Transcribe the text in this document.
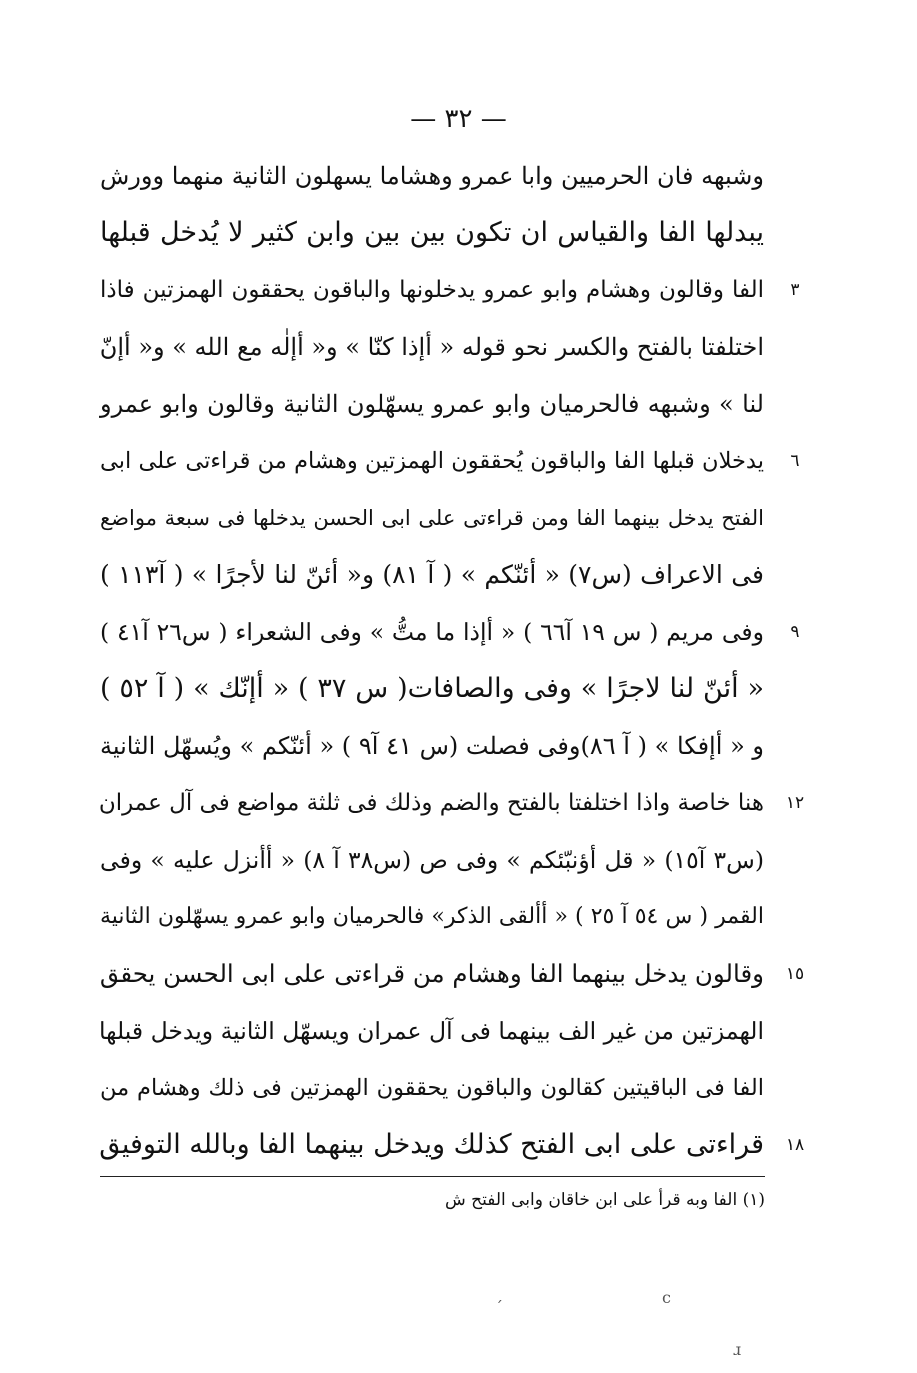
— ٣٢ —
وشبهه فان الحرميين وابا عمرو وهشاما يسهلون الثانية منهما وورش
يبدلها الفا والقياس ان تكون بين بين وابن كثير لا يُدخل قبلها
٣
الفا وقالون وهشام وابو عمرو يدخلونها والباقون يحققون الهمزتين فاذا
اختلفتا بالفتح والكسر نحو قوله « أإذا كنّا » و« أإلٰه مع الله » و« أإنّ
لنا » وشبهه فالحرميان وابو عمرو يسهّلون الثانية وقالون وابو عمرو
٦
يدخلان قبلها الفا والباقون يُحققون الهمزتين وهشام من قراءتى على ابى
الفتح يدخل بينهما الفا ومن قراءتى على ابى الحسن يدخلها فى سبعة مواضع
فى الاعراف (س٧) « أئنّكم » ( آ ٨١) و« أئنّ لنا لأجرًا » ( آ١١٣ )
٩
وفى مريم ( س ١٩ آ٦٦ ) « أإذا ما متُّ » وفى الشعراء ( س٢٦ آ٤١ )
« أئنّ لنا لاجرًا » وفى والصافات( س ٣٧ ) « أإنّك » ( آ ٥٢ )
و « أإفكا » ( آ ٨٦)وفى فصلت (س ٤١ آ٩ ) « أئنّكم » ويُسهّل الثانية
١٢
هنا خاصة واذا اختلفتا بالفتح والضم وذلك فى ثلثة مواضع فى آل عمران
(س٣ آ١٥) « قل أؤنبّئكم » وفى ص (س٣٨ آ ٨) « أأنزل عليه » وفى
القمر ( س ٥٤ آ ٢٥ ) « أألقى الذكر» فالحرميان وابو عمرو يسهّلون الثانية
١٥
وقالون يدخل بينهما الفا وهشام من قراءتى على ابى الحسن يحقق
الهمزتين من غير الف بينهما فى آل عمران ويسهّل الثانية ويدخل قبلها
الفا فى الباقيتين كقالون والباقون يحققون الهمزتين فى ذلك وهشام من
١٨
قراءتى على ابى الفتح كذلك ويدخل بينهما الفا وبالله التوفيق
(١) الفا وبه قرأ على ابن خاقان وابى الفتح ش
ϲ
ˊ
ɹ
